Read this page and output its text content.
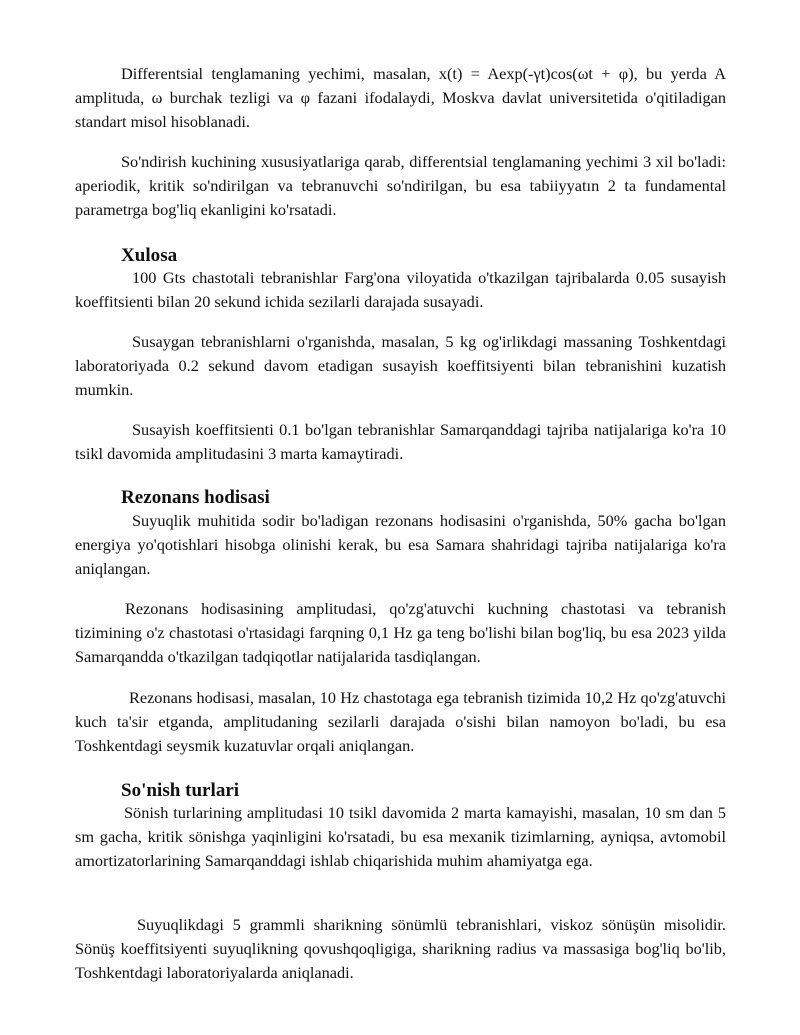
Differentsial tenglamaning yechimi, masalan, x(t) = Aexp(-γt)cos(ωt + φ), bu yerda A amplituda, ω burchak tezligi va φ fazani ifodalaydi, Moskva davlat universitetida o'qitiladigan standart misol hisoblanadi.

So'ndirish kuchining xususiyatlariga qarab, differentsial tenglamaning yechimi 3 xil bo'ladi: aperiodik, kritik so'ndirilgan va tebranuvchi so'ndirilgan, bu esa tabiiyyatın 2 ta fundamental parametrga bog'liq ekanligini ko'rsatadi.

Xulosa

100 Gts chastotali tebranishlar Farg'ona viloyatida o'tkazilgan tajribalarda 0.05 susayish koeffitsienti bilan 20 sekund ichida sezilarli darajada susayadi.

Susaygan tebranishlarni o'rganishda, masalan, 5 kg og'irlikdagi massaning Toshkentdagi laboratoriyada 0.2 sekund davom etadigan susayish koeffitsiyenti bilan tebranishini kuzatish mumkin.

Susayish koeffitsienti 0.1 bo'lgan tebranishlar Samarqanddagi tajriba natijalariga ko'ra 10 tsikl davomida amplitudasini 3 marta kamaytiradi.

Rezonans hodisasi

Suyuqlik muhitida sodir bo'ladigan rezonans hodisasini o'rganishda, 50% gacha bo'lgan energiya yo'qotishlari hisobga olinishi kerak, bu esa Samara shahridagi tajriba natijalariga ko'ra aniqlangan.

Rezonans hodisasining amplitudasi, qo'zg'atuvchi kuchning chastotasi va tebranish tizimining o'z chastotasi o'rtasidagi farqning 0,1 Hz ga teng bo'lishi bilan bog'liq, bu esa 2023 yilda Samarqandda o'tkazilgan tadqiqotlar natijalarida tasdiqlangan.

Rezonans hodisasi, masalan, 10 Hz chastotaga ega tebranish tizimida 10,2 Hz qo'zg'atuvchi kuch ta'sir etganda, amplitudaning sezilarli darajada o'sishi bilan namoyon bo'ladi, bu esa Toshkentdagi seysmik kuzatuvlar orqali aniqlangan.

So'nish turlari

Sönish turlarining amplitudasi 10 tsikl davomida 2 marta kamayishi, masalan, 10 sm dan 5 sm gacha, kritik sönishga yaqinligini ko'rsatadi, bu esa mexanik tizimlarning, ayniqsa, avtomobil amortizatorlarining Samarqanddagi ishlab chiqarishida muhim ahamiyatga ega.

Suyuqlikdagi 5 grammli sharikning sönümlü tebranishlari, viskoz sönüşün misolidir. Sönüş koeffitsiyenti suyuqlikning qovushqoqligiga, sharikning radius va massasiga bog'liq bo'lib, Toshkentdagi laboratoriyalarda aniqlanadi.
